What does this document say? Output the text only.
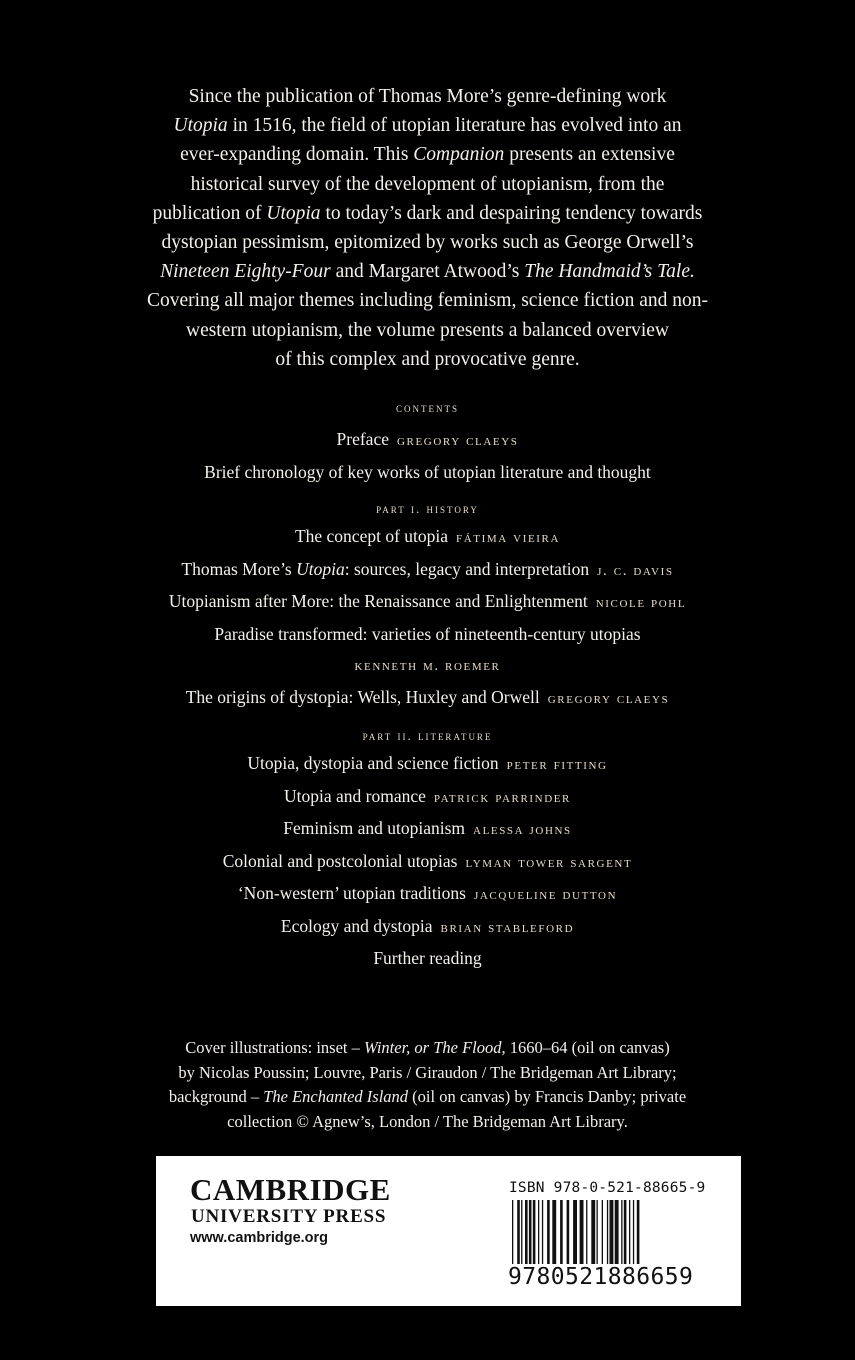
Since the publication of Thomas More’s genre-defining work
Utopia in 1516, the field of utopian literature has evolved into an
ever-expanding domain. This Companion presents an extensive
historical survey of the development of utopianism, from the
publication of Utopia to today’s dark and despairing tendency towards
dystopian pessimism, epitomized by works such as George Orwell’s
Nineteen Eighty-Four and Margaret Atwood’s The Handmaid’s Tale.
Covering all major themes including feminism, science fiction and non-
western utopianism, the volume presents a balanced overview
of this complex and provocative genre.
contents
Preface gregory claeys
Brief chronology of key works of utopian literature and thought
part i. history
The concept of utopia fátima vieira
Thomas More’s Utopia: sources, legacy and interpretation j. c. davis
Utopianism after More: the Renaissance and Enlightenment nicole pohl
Paradise transformed: varieties of nineteenth-century utopias
kenneth m. roemer
The origins of dystopia: Wells, Huxley and Orwell gregory claeys
part ii. literature
Utopia, dystopia and science fiction peter fitting
Utopia and romance patrick parrinder
Feminism and utopianism alessa johns
Colonial and postcolonial utopias lyman tower sargent
‘Non-western’ utopian traditions jacqueline dutton
Ecology and dystopia brian stableford
Further reading
Cover illustrations: inset – Winter, or The Flood, 1660–64 (oil on canvas)
by Nicolas Poussin; Louvre, Paris / Giraudon / The Bridgeman Art Library;
background – The Enchanted Island (oil on canvas) by Francis Danby; private
collection © Agnew’s, London / The Bridgeman Art Library.
CAMBRIDGE
UNIVERSITY PRESS
www.cambridge.org
ISBN 978-0-521-88665-9
9780521886659
